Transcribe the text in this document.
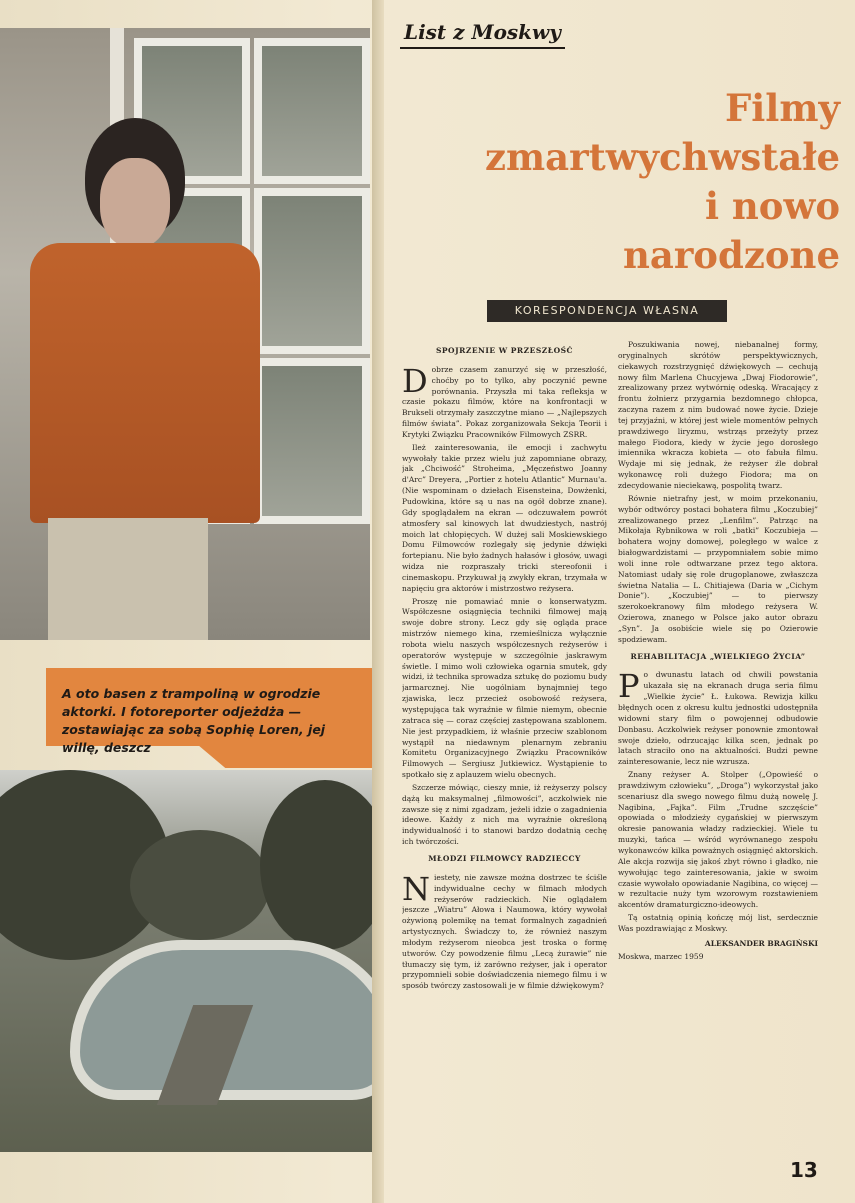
A oto basen z trampoliną w ogrodzie aktorki. I fotoreporter odjeżdża — zostawiając za sobą Sophię Loren, jej willę, deszcz

List z Moskwy

Filmy
zmartwychwstałe
i nowo
narodzone

KORESPONDENCJA WŁASNA

SPOJRZENIE W PRZESZŁOŚĆ

Dobrze czasem zanurzyć się w przeszłość, choćby po to tylko, aby poczynić pewne porównania. Przyszła mi taka refleksja w czasie pokazu filmów, które na konfrontacji w Brukseli otrzymały zaszczytne miano — „Najlepszych filmów świata”. Pokaz zorganizowała Sekcja Teorii i Krytyki Związku Pracowników Filmowych ZSRR.

Ileż zainteresowania, ile emocji i zachwytu wywołały takie przez wielu już zapomniane obrazy, jak „Chciwość” Stroheima, „Męczeństwo Joanny d'Arc” Dreyera, „Portier z hotelu Atlantic” Murnau'a. (Nie wspominam o dziełach Eisensteina, Dowżenki, Pudowkina, które są u nas na ogół dobrze znane). Gdy spoglądałem na ekran — odczuwałem powrót atmosfery sal kinowych lat dwudziestych, nastrój moich lat chłopięcych. W dużej sali Moskiewskiego Domu Filmowców rozlegały się jedynie dźwięki fortepianu. Nie było żadnych hałasów i głosów, uwagi widza nie rozpraszały tricki stereofonii i cinemaskopu. Przykuwał ją zwykły ekran, trzymała w napięciu gra aktorów i mistrzostwo reżysera.

Proszę nie pomawiać mnie o konserwatyzm. Współczesne osiągnięcia techniki filmowej mają swoje dobre strony. Lecz gdy się ogląda prace mistrzów niemego kina, rzemieślnicza wyłącznie robota wielu naszych współczesnych reżyserów i operatorów występuje w szczególnie jaskrawym świetle. I mimo woli człowieka ogarnia smutek, gdy widzi, iż technika sprowadza sztukę do poziomu budy jarmarcznej. Nie uogólniam bynajmniej tego zjawiska, lecz przecież osobowość reżysera, występująca tak wyraźnie w filmie niemym, obecnie zatraca się — coraz częściej zastępowana szablonem. Nie jest przypadkiem, iż właśnie przeciw szablonom wystąpił na niedawnym plenarnym zebraniu Komitetu Organizacyjnego Związku Pracowników Filmowych — Sergiusz Jutkiewicz. Wystąpienie to spotkało się z aplauzem wielu obecnych.

Szczerze mówiąc, cieszy mnie, iż reżyserzy polscy dążą ku maksymalnej „filmowości”, aczkolwiek nie zawsze się z nimi zgadzam, jeżeli idzie o zagadnienia ideowe. Każdy z nich ma wyraźnie określoną indywidualność i to stanowi bardzo dodatnią cechę ich twórczości.

MŁODZI FILMOWCY RADZIECCY

Niestety, nie zawsze można dostrzec te ściśle indywidualne cechy w filmach młodych reżyserów radzieckich. Nie oglądałem jeszcze „Wiatru” Ałowa i Naumowa, który wywołał ożywioną polemikę na temat formalnych zagadnień artystycznych. Świadczy to, że również naszym młodym reżyserom nieobca jest troska o formę utworów. Czy powodzenie filmu „Lecą żurawie” nie tłumaczy się tym, iż zarówno reżyser, jak i operator przypomnieli sobie doświadczenia niemego filmu i w sposób twórczy zastosowali je w filmie dźwiękowym?

Poszukiwania nowej, niebanalnej formy, oryginalnych skrótów perspektywicznych, ciekawych rozstrzygnięć dźwiękowych — cechują nowy film Marlena Chucyjewa „Dwaj Fiodorowie”, zrealizowany przez wytwórnię odeską. Wracający z frontu żołnierz przygarnia bezdomnego chłopca, zaczyna razem z nim budować nowe życie. Dzieje tej przyjaźni, w której jest wiele momentów pełnych prawdziwego liryzmu, wstrząs przeżyty przez małego Fiodora, kiedy w życie jego dorosłego imiennika wkracza kobieta — oto fabuła filmu. Wydaje mi się jednak, że reżyser źle dobrał wykonawcę roli dużego Fiodora; ma on zdecydowanie nieciekawą, pospolitą twarz.

Równie nietrafny jest, w moim przekonaniu, wybór odtwórcy postaci bohatera filmu „Koczubiej” zrealizowanego przez „Lenfilm”. Patrząc na Mikołaja Rybnikowa w roli „batki” Koczubieja — bohatera wojny domowej, poległego w walce z białogwardzistami — przypomniałem sobie mimo woli inne role odtwarzane przez tego aktora. Natomiast udały się role drugoplanowe, zwłaszcza świetna Natalia — L. Chitiajewa (Daria w „Cichym Donie”). „Koczubiej” — to pierwszy szerokoekranowy film młodego reżysera W. Ozierowa, znanego w Polsce jako autor obrazu „Syn”. Ja osobiście wiele się po Ozierowie spodziewam.

REHABILITACJA „WIELKIEGO ŻYCIA”

Po dwunastu latach od chwili powstania ukazała się na ekranach druga seria filmu „Wielkie życie” Ł. Łukowa. Rewizja kilku błędnych ocen z okresu kultu jednostki udostępniła widowni stary film o powojennej odbudowie Donbasu. Aczkolwiek reżyser ponownie zmontował swoje dzieło, odrzucając kilka scen, jednak po latach straciło ono na aktualności. Budzi pewne zainteresowanie, lecz nie wzrusza.

Znany reżyser A. Stolper („Opowieść o prawdziwym człowieku”, „Droga”) wykorzystał jako scenariusz dla swego nowego filmu dużą nowelę J. Nagibina, „Fajka”. Film „Trudne szczęście” opowiada o młodzieży cygańskiej w pierwszym okresie panowania władzy radzieckiej. Wiele tu muzyki, tańca — wśród wyrównanego zespołu wykonawców kilka poważnych osiągnięć aktorskich. Ale akcja rozwija się jakoś zbyt równo i gładko, nie wywołując tego zainteresowania, jakie w swoim czasie wywołało opowiadanie Nagibina, co więcej — w rezultacie nuży tym wzorowym rozstawieniem akcentów dramaturgiczno-ideowych.

Tą ostatnią opinią kończę mój list, serdecznie Was pozdrawiając z Moskwy.

ALEKSANDER BRAGIŃSKI

Moskwa, marzec 1959

13
